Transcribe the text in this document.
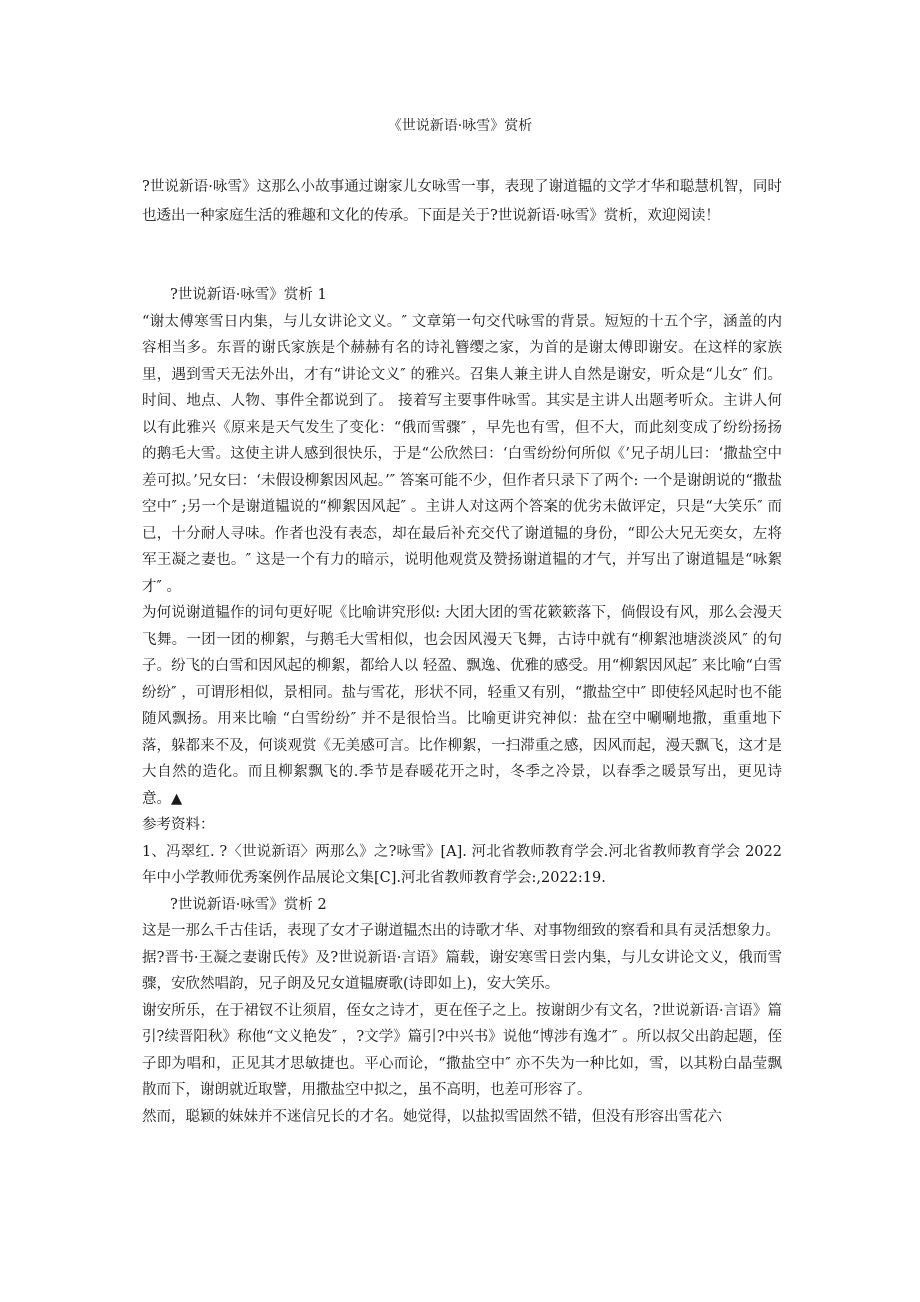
《世说新语·咏雪》赏析

?世说新语·咏雪》这那么小故事通过谢家儿女咏雪一事，表现了谢道韫的文学才华和聪慧机智，同时也透出一种家庭生活的雅趣和文化的传承。下面是关于?世说新语·咏雪》赏析，欢迎阅读！

?世说新语·咏雪》赏析 1

“谢太傅寒雪日内集，与儿女讲论文义。″ 文章第一句交代咏雪的背景。短短的十五个字，涵盖的内容相当多。东晋的谢氏家族是个赫赫有名的诗礼簪缨之家，为首的是谢太傅即谢安。在这样的家族里，遇到雪天无法外出，才有“讲论文义″ 的雅兴。召集人兼主讲人自然是谢安，听众是“儿女″ 们。时间、地点、人物、事件全都说到了。 接着写主要事件咏雪。其实是主讲人出题考听众。主讲人何以有此雅兴《原来是天气发生了变化：“俄而雪骤″ ，早先也有雪，但不大，而此刻变成了纷纷扬扬的鹅毛大雪。这使主讲人感到很快乐，于是“公欣然曰：‘白雪纷纷何所似《’兄子胡儿曰：‘撒盐空中差可拟。’兄女曰：‘未假设柳絮因风起。’″ 答案可能不少，但作者只录下了两个: 一个是谢朗说的“撒盐空中″ ;另一个是谢道韫说的“柳絮因风起″ 。主讲人对这两个答案的优劣未做评定，只是“大笑乐″ 而已，十分耐人寻味。作者也没有表态，却在最后补充交代了谢道韫的身份，“即公大兄无奕女，左将军王凝之妻也。″ 这是一个有力的暗示，说明他观赏及赞扬谢道韫的才气，并写出了谢道韫是“咏絮才″ 。

为何说谢道韫作的词句更好呢《比喻讲究形似: 大团大团的雪花簌簌落下，倘假设有风，那么会漫天飞舞。一团一团的柳絮，与鹅毛大雪相似，也会因风漫天飞舞，古诗中就有“柳絮池塘淡淡风″ 的句子。纷飞的白雪和因风起的柳絮，都给人以 轻盈、飘逸、优雅的感受。用“柳絮因风起″ 来比喻“白雪纷纷″ ，可谓形相似，景相同。盐与雪花，形状不同，轻重又有别，“撒盐空中″ 即使轻风起时也不能随风飘扬。用来比喻 “白雪纷纷″ 并不是很恰当。比喻更讲究神似：盐在空中唰唰地撒，重重地下落，躲都来不及，何谈观赏《无美感可言。比作柳絮，一扫滞重之感，因风而起，漫天飘飞，这才是大自然的造化。而且柳絮飘飞的.季节是春暖花开之时，冬季之冷景，以春季之暖景写出，更见诗意。▲

参考资料：

1、冯翠红. ?〈世说新语〉两那么》之?咏雪》[A]. 河北省教师教育学会.河北省教师教育学会 2022 年中小学教师优秀案例作品展论文集[C].河北省教师教育学会:,2022:19.

?世说新语·咏雪》赏析 2

这是一那么千古佳话，表现了女才子谢道韫杰出的诗歌才华、对事物细致的察看和具有灵活想象力。

据?晋书·王凝之妻谢氏传》及?世说新语·言语》篇载，谢安寒雪日尝内集，与儿女讲论文义，俄而雪骤，安欣然唱韵，兄子朗及兄女道韫赓歌(诗即如上)，安大笑乐。

谢安所乐，在于裙钗不让须眉，侄女之诗才，更在侄子之上。按谢朗少有文名，?世说新语·言语》篇引?续晋阳秋》称他“文义艳发″ ，?文学》篇引?中兴书》说他“博涉有逸才″ 。所以叔父出韵起题，侄子即为唱和，正见其才思敏捷也。平心而论，“撒盐空中″ 亦不失为一种比如，雪，以其粉白晶莹飘散而下，谢朗就近取譬，用撒盐空中拟之，虽不高明，也差可形容了。

然而，聪颖的妹妹并不迷信兄长的才名。她觉得，以盐拟雪固然不错，但没有形容出雪花六
